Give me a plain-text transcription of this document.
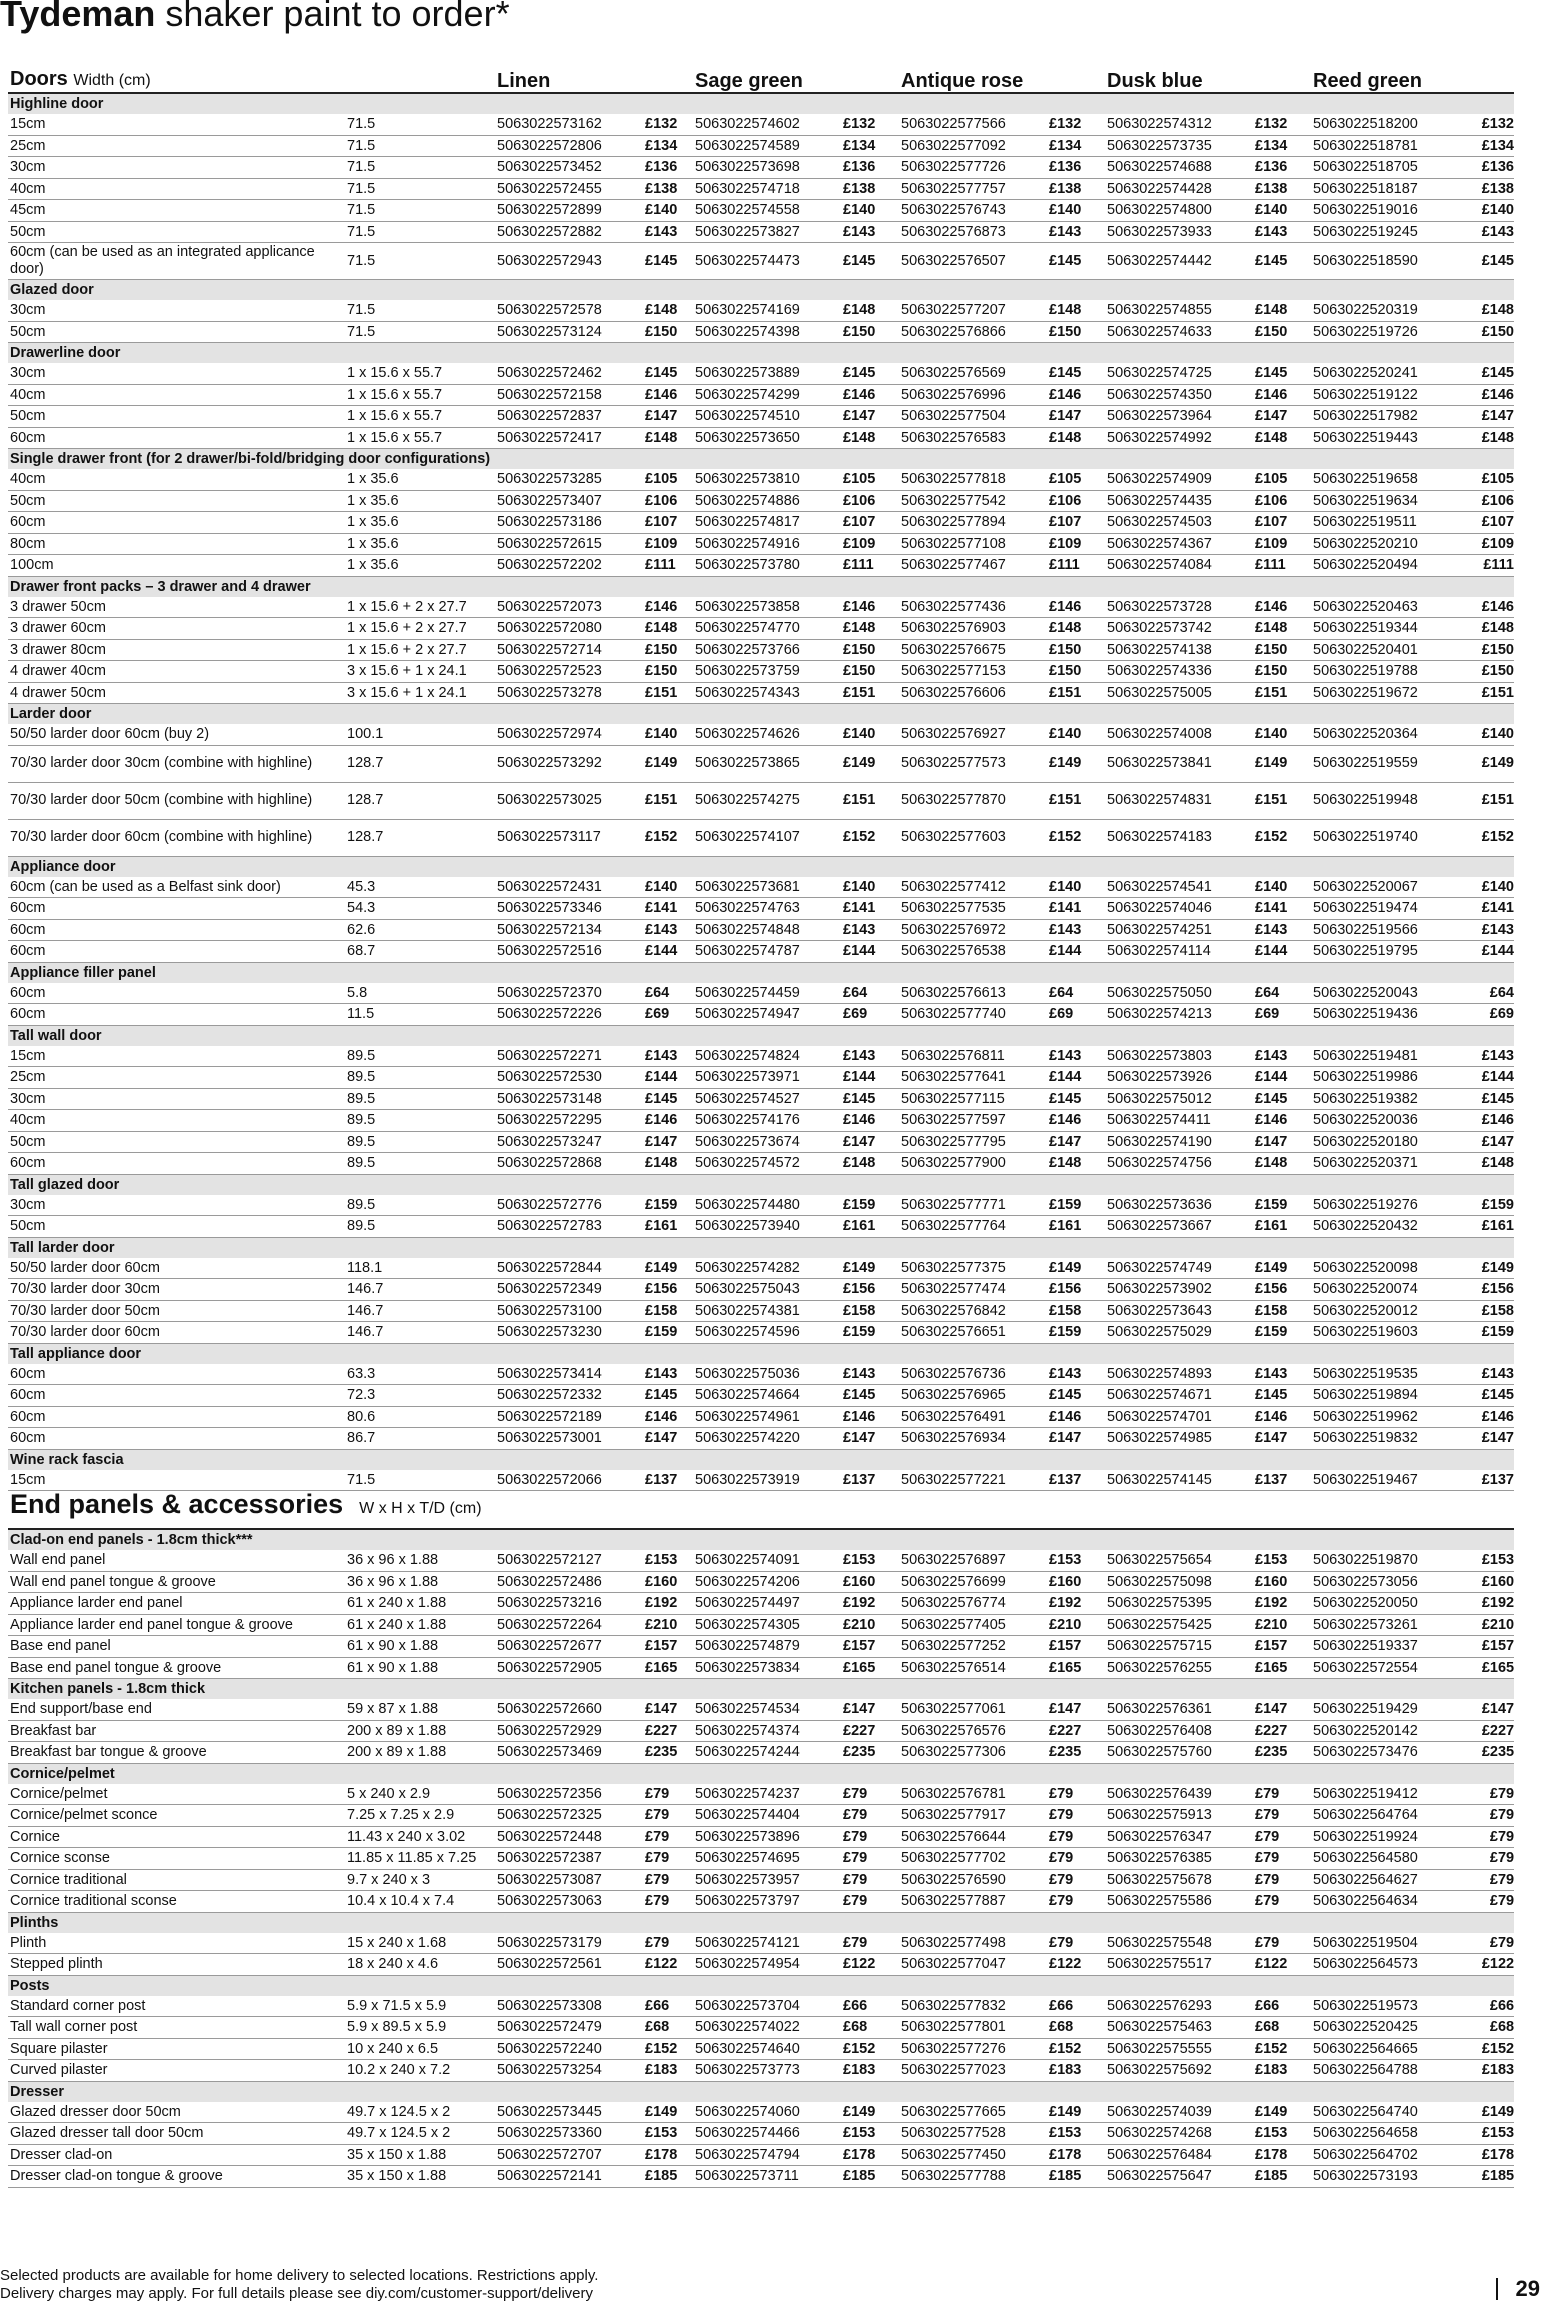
Tydeman shaker paint to order*
Doors Width (cm)		Linen		Sage green		Antique rose		Dusk blue		Reed green	
Highline door											
15cm	71.5	5063022573162	£132	5063022574602	£132	5063022577566	£132	5063022574312	£132	5063022518200	£132
25cm	71.5	5063022572806	£134	5063022574589	£134	5063022577092	£134	5063022573735	£134	5063022518781	£134
30cm	71.5	5063022573452	£136	5063022573698	£136	5063022577726	£136	5063022574688	£136	5063022518705	£136
40cm	71.5	5063022572455	£138	5063022574718	£138	5063022577757	£138	5063022574428	£138	5063022518187	£138
45cm	71.5	5063022572899	£140	5063022574558	£140	5063022576743	£140	5063022574800	£140	5063022519016	£140
50cm	71.5	5063022572882	£143	5063022573827	£143	5063022576873	£143	5063022573933	£143	5063022519245	£143
60cm (can be used as an integrated applicance door)	71.5	5063022572943	£145	5063022574473	£145	5063022576507	£145	5063022574442	£145	5063022518590	£145
Glazed door											
30cm	71.5	5063022572578	£148	5063022574169	£148	5063022577207	£148	5063022574855	£148	5063022520319	£148
50cm	71.5	5063022573124	£150	5063022574398	£150	5063022576866	£150	5063022574633	£150	5063022519726	£150
Drawerline door											
30cm	1 x 15.6 x 55.7	5063022572462	£145	5063022573889	£145	5063022576569	£145	5063022574725	£145	5063022520241	£145
40cm	1 x 15.6 x 55.7	5063022572158	£146	5063022574299	£146	5063022576996	£146	5063022574350	£146	5063022519122	£146
50cm	1 x 15.6 x 55.7	5063022572837	£147	5063022574510	£147	5063022577504	£147	5063022573964	£147	5063022517982	£147
60cm	1 x 15.6 x 55.7	5063022572417	£148	5063022573650	£148	5063022576583	£148	5063022574992	£148	5063022519443	£148
Single drawer front (for 2 drawer/bi-fold/bridging door configurations)											
40cm	1 x 35.6	5063022573285	£105	5063022573810	£105	5063022577818	£105	5063022574909	£105	5063022519658	£105
50cm	1 x 35.6	5063022573407	£106	5063022574886	£106	5063022577542	£106	5063022574435	£106	5063022519634	£106
60cm	1 x 35.6	5063022573186	£107	5063022574817	£107	5063022577894	£107	5063022574503	£107	5063022519511	£107
80cm	1 x 35.6	5063022572615	£109	5063022574916	£109	5063022577108	£109	5063022574367	£109	5063022520210	£109
100cm	1 x 35.6	5063022572202	£111	5063022573780	£111	5063022577467	£111	5063022574084	£111	5063022520494	£111
Drawer front packs – 3 drawer and 4 drawer											
3 drawer 50cm	1 x 15.6 + 2 x 27.7	5063022572073	£146	5063022573858	£146	5063022577436	£146	5063022573728	£146	5063022520463	£146
3 drawer 60cm	1 x 15.6 + 2 x 27.7	5063022572080	£148	5063022574770	£148	5063022576903	£148	5063022573742	£148	5063022519344	£148
3 drawer 80cm	1 x 15.6 + 2 x 27.7	5063022572714	£150	5063022573766	£150	5063022576675	£150	5063022574138	£150	5063022520401	£150
4 drawer 40cm	3 x 15.6 + 1 x 24.1	5063022572523	£150	5063022573759	£150	5063022577153	£150	5063022574336	£150	5063022519788	£150
4 drawer 50cm	3 x 15.6 + 1 x 24.1	5063022573278	£151	5063022574343	£151	5063022576606	£151	5063022575005	£151	5063022519672	£151
Larder door											
50/50 larder door 60cm (buy 2)	100.1	5063022572974	£140	5063022574626	£140	5063022576927	£140	5063022574008	£140	5063022520364	£140
70/30 larder door 30cm (combine with highline)	128.7	5063022573292	£149	5063022573865	£149	5063022577573	£149	5063022573841	£149	5063022519559	£149
70/30 larder door 50cm (combine with highline)	128.7	5063022573025	£151	5063022574275	£151	5063022577870	£151	5063022574831	£151	5063022519948	£151
70/30 larder door 60cm (combine with highline)	128.7	5063022573117	£152	5063022574107	£152	5063022577603	£152	5063022574183	£152	5063022519740	£152
Appliance door											
60cm (can be used as a Belfast sink door)	45.3	5063022572431	£140	5063022573681	£140	5063022577412	£140	5063022574541	£140	5063022520067	£140
60cm	54.3	5063022573346	£141	5063022574763	£141	5063022577535	£141	5063022574046	£141	5063022519474	£141
60cm	62.6	5063022572134	£143	5063022574848	£143	5063022576972	£143	5063022574251	£143	5063022519566	£143
60cm	68.7	5063022572516	£144	5063022574787	£144	5063022576538	£144	5063022574114	£144	5063022519795	£144
Appliance filler panel											
60cm	5.8	5063022572370	£64	5063022574459	£64	5063022576613	£64	5063022575050	£64	5063022520043	£64
60cm	11.5	5063022572226	£69	5063022574947	£69	5063022577740	£69	5063022574213	£69	5063022519436	£69
Tall wall door											
15cm	89.5	5063022572271	£143	5063022574824	£143	5063022576811	£143	5063022573803	£143	5063022519481	£143
25cm	89.5	5063022572530	£144	5063022573971	£144	5063022577641	£144	5063022573926	£144	5063022519986	£144
30cm	89.5	5063022573148	£145	5063022574527	£145	5063022577115	£145	5063022575012	£145	5063022519382	£145
40cm	89.5	5063022572295	£146	5063022574176	£146	5063022577597	£146	5063022574411	£146	5063022520036	£146
50cm	89.5	5063022573247	£147	5063022573674	£147	5063022577795	£147	5063022574190	£147	5063022520180	£147
60cm	89.5	5063022572868	£148	5063022574572	£148	5063022577900	£148	5063022574756	£148	5063022520371	£148
Tall glazed door											
30cm	89.5	5063022572776	£159	5063022574480	£159	5063022577771	£159	5063022573636	£159	5063022519276	£159
50cm	89.5	5063022572783	£161	5063022573940	£161	5063022577764	£161	5063022573667	£161	5063022520432	£161
Tall larder door											
50/50 larder door 60cm	118.1	5063022572844	£149	5063022574282	£149	5063022577375	£149	5063022574749	£149	5063022520098	£149
70/30 larder door 30cm	146.7	5063022572349	£156	5063022575043	£156	5063022577474	£156	5063022573902	£156	5063022520074	£156
70/30 larder door 50cm	146.7	5063022573100	£158	5063022574381	£158	5063022576842	£158	5063022573643	£158	5063022520012	£158
70/30 larder door 60cm	146.7	5063022573230	£159	5063022574596	£159	5063022576651	£159	5063022575029	£159	5063022519603	£159
Tall appliance door											
60cm	63.3	5063022573414	£143	5063022575036	£143	5063022576736	£143	5063022574893	£143	5063022519535	£143
60cm	72.3	5063022572332	£145	5063022574664	£145	5063022576965	£145	5063022574671	£145	5063022519894	£145
60cm	80.6	5063022572189	£146	5063022574961	£146	5063022576491	£146	5063022574701	£146	5063022519962	£146
60cm	86.7	5063022573001	£147	5063022574220	£147	5063022576934	£147	5063022574985	£147	5063022519832	£147
Wine rack fascia											
15cm	71.5	5063022572066	£137	5063022573919	£137	5063022577221	£137	5063022574145	£137	5063022519467	£137
End panels & accessories W x H x T/D (cm)											
Clad-on end panels - 1.8cm thick***											
Wall end panel	36 x 96 x 1.88	5063022572127	£153	5063022574091	£153	5063022576897	£153	5063022575654	£153	5063022519870	£153
Wall end panel tongue & groove	36 x 96 x 1.88	5063022572486	£160	5063022574206	£160	5063022576699	£160	5063022575098	£160	5063022573056	£160
Appliance larder end panel	61 x 240 x 1.88	5063022573216	£192	5063022574497	£192	5063022576774	£192	5063022575395	£192	5063022520050	£192
Appliance larder end panel tongue & groove	61 x 240 x 1.88	5063022572264	£210	5063022574305	£210	5063022577405	£210	5063022575425	£210	5063022573261	£210
Base end panel	61 x 90 x 1.88	5063022572677	£157	5063022574879	£157	5063022577252	£157	5063022575715	£157	5063022519337	£157
Base end panel tongue & groove	61 x 90 x 1.88	5063022572905	£165	5063022573834	£165	5063022576514	£165	5063022576255	£165	5063022572554	£165
Kitchen panels - 1.8cm thick											
End support/base end	59 x 87 x 1.88	5063022572660	£147	5063022574534	£147	5063022577061	£147	5063022576361	£147	5063022519429	£147
Breakfast bar	200 x 89 x 1.88	5063022572929	£227	5063022574374	£227	5063022576576	£227	5063022576408	£227	5063022520142	£227
Breakfast bar tongue & groove	200 x 89 x 1.88	5063022573469	£235	5063022574244	£235	5063022577306	£235	5063022575760	£235	5063022573476	£235
Cornice/pelmet											
Cornice/pelmet	5 x 240 x 2.9	5063022572356	£79	5063022574237	£79	5063022576781	£79	5063022576439	£79	5063022519412	£79
Cornice/pelmet sconce	7.25 x 7.25 x 2.9	5063022572325	£79	5063022574404	£79	5063022577917	£79	5063022575913	£79	5063022564764	£79
Cornice	11.43 x 240 x 3.02	5063022572448	£79	5063022573896	£79	5063022576644	£79	5063022576347	£79	5063022519924	£79
Cornice sconse	11.85 x 11.85 x 7.25	5063022572387	£79	5063022574695	£79	5063022577702	£79	5063022576385	£79	5063022564580	£79
Cornice traditional	9.7 x 240 x 3	5063022573087	£79	5063022573957	£79	5063022576590	£79	5063022575678	£79	5063022564627	£79
Cornice traditional sconse	10.4 x 10.4 x 7.4	5063022573063	£79	5063022573797	£79	5063022577887	£79	5063022575586	£79	5063022564634	£79
Plinths											
Plinth	15 x 240 x 1.68	5063022573179	£79	5063022574121	£79	5063022577498	£79	5063022575548	£79	5063022519504	£79
Stepped plinth	18 x 240 x 4.6	5063022572561	£122	5063022574954	£122	5063022577047	£122	5063022575517	£122	5063022564573	£122
Posts											
Standard corner post	5.9 x 71.5 x 5.9	5063022573308	£66	5063022573704	£66	5063022577832	£66	5063022576293	£66	5063022519573	£66
Tall wall corner post	5.9 x 89.5 x 5.9	5063022572479	£68	5063022574022	£68	5063022577801	£68	5063022575463	£68	5063022520425	£68
Square pilaster	10 x 240 x 6.5	5063022572240	£152	5063022574640	£152	5063022577276	£152	5063022575555	£152	5063022564665	£152
Curved pilaster	10.2 x 240 x 7.2	5063022573254	£183	5063022573773	£183	5063022577023	£183	5063022575692	£183	5063022564788	£183
Dresser											
Glazed dresser door 50cm	49.7 x 124.5 x 2	5063022573445	£149	5063022574060	£149	5063022577665	£149	5063022574039	£149	5063022564740	£149
Glazed dresser tall door 50cm	49.7 x 124.5 x 2	5063022573360	£153	5063022574466	£153	5063022577528	£153	5063022574268	£153	5063022564658	£153
Dresser clad-on	35 x 150 x 1.88	5063022572707	£178	5063022574794	£178	5063022577450	£178	5063022576484	£178	5063022564702	£178
Dresser clad-on tongue & groove	35 x 150 x 1.88	5063022572141	£185	5063022573711	£185	5063022577788	£185	5063022575647	£185	5063022573193	£185
Selected products are available for home delivery to selected locations. Restrictions apply.
Delivery charges may apply. For full details please see diy.com/customer-support/delivery	29
